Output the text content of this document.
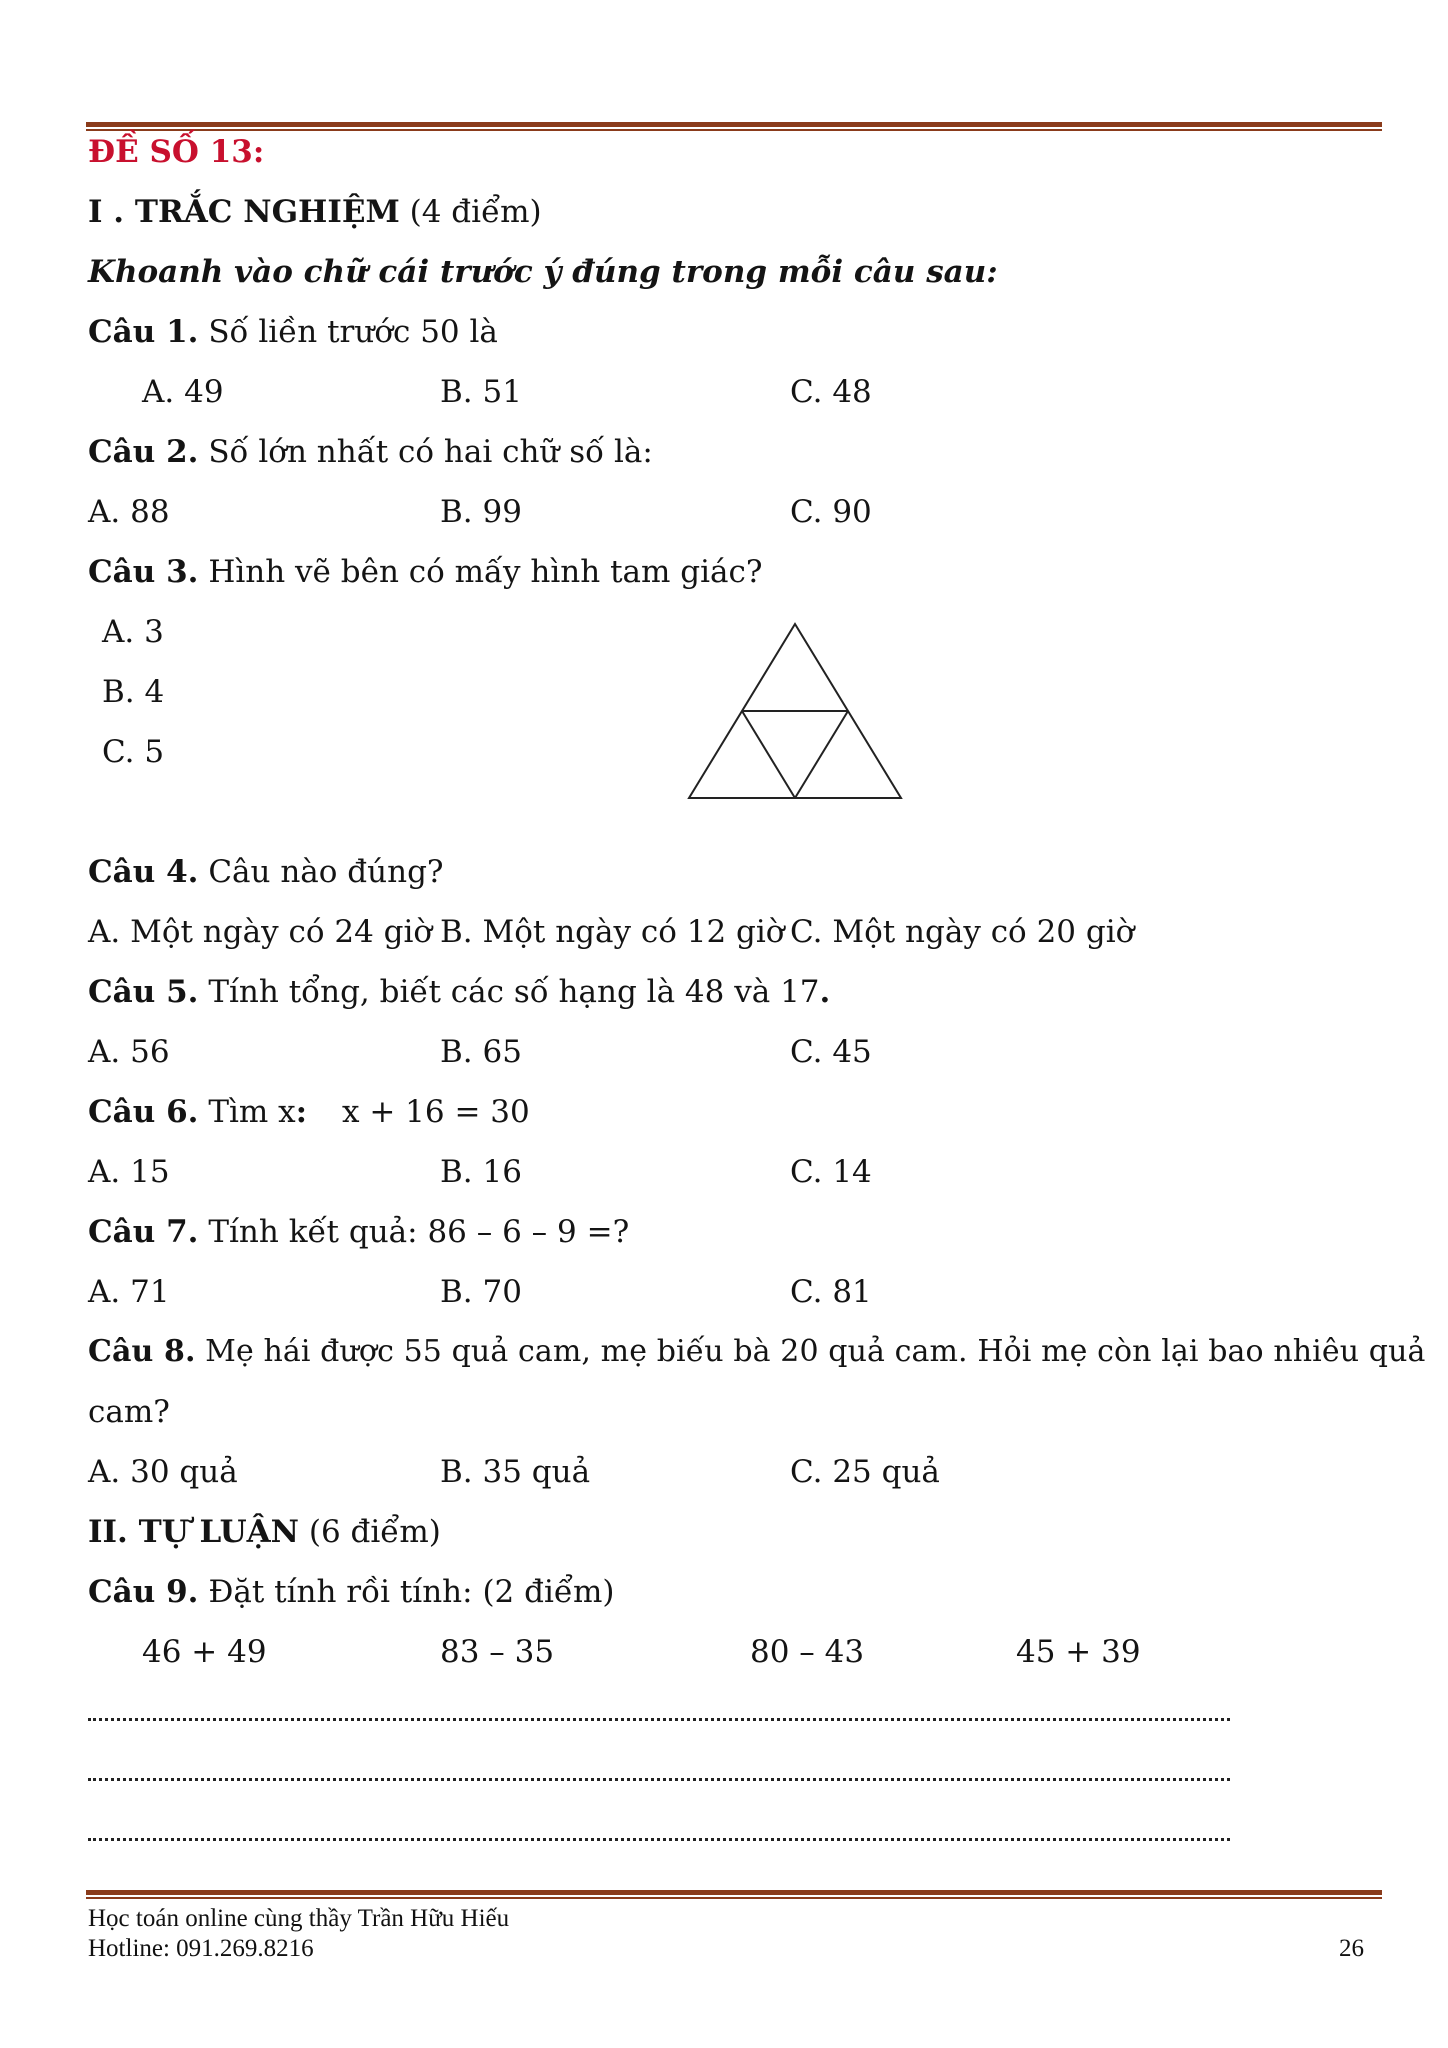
ĐỀ SỐ 13:
I . TRẮC NGHIỆM (4 điểm)
Khoanh vào chữ cái trước ý đúng trong mỗi câu sau:
Câu 1. Số liền trước 50 là
A. 49	B. 51	C. 48
Câu 2. Số lớn nhất có hai chữ số là:
A. 88	B. 99	C. 90
Câu 3. Hình vẽ bên có mấy hình tam giác?
A. 3
B. 4
C. 5
Câu 4. Câu nào đúng?
A. Một ngày có 24 giờ B. Một ngày có 12 giờ C. Một ngày có 20 giờ
Câu 5. Tính tổng, biết các số hạng là 48 và 17.
A. 56	B. 65	C. 45
Câu 6. Tìm x: x + 16 = 30
A. 15	B. 16	C. 14
Câu 7. Tính kết quả: 86 – 6 – 9 =?
A. 71	B. 70	C. 81
Câu 8. Mẹ hái được 55 quả cam, mẹ biếu bà 20 quả cam. Hỏi mẹ còn lại bao nhiêu quả
cam?
A. 30 quả	B. 35 quả	C. 25 quả
II. TỰ LUẬN (6 điểm)
Câu 9. Đặt tính rồi tính: (2 điểm)
46 + 49	83 – 35	80 – 43	45 + 39
Học toán online cùng thầy Trần Hữu Hiếu
Hotline: 091.269.8216	26
